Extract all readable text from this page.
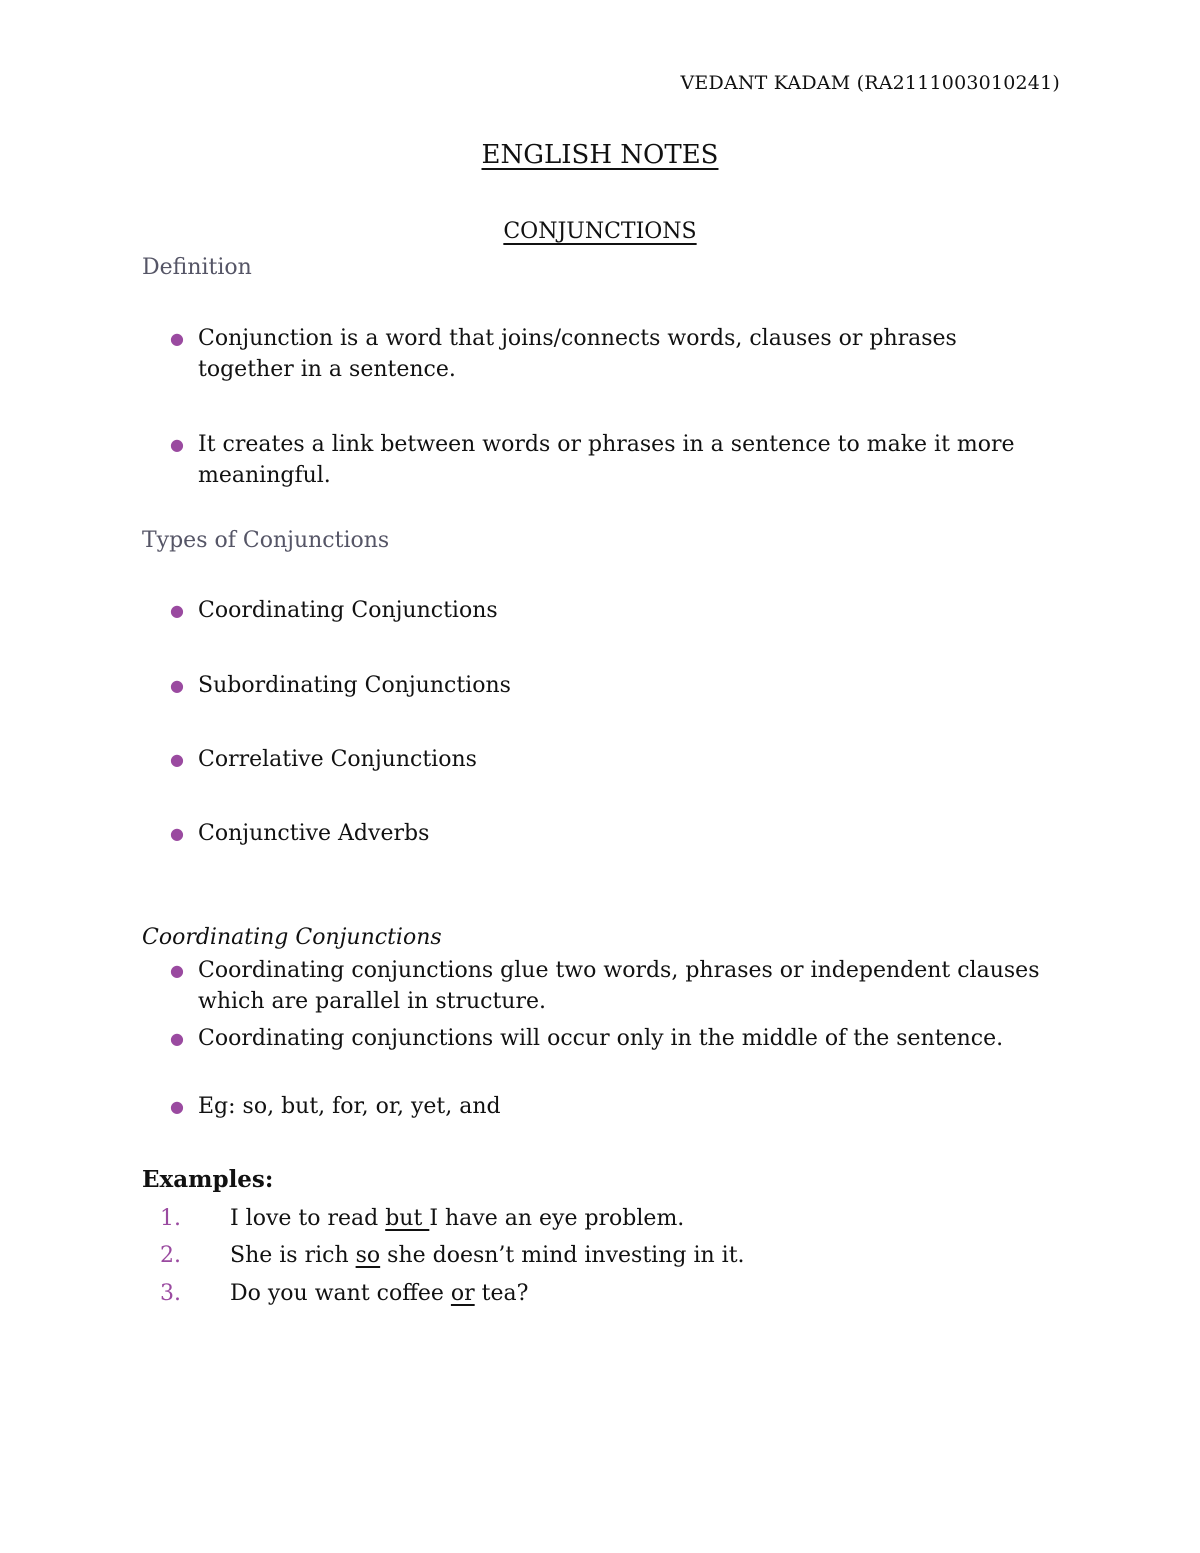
VEDANT KADAM (RA2111003010241)
ENGLISH NOTES
CONJUNCTIONS
Definition
● Conjunction is a word that joins/connects words, clauses or phrases together in a sentence.
● It creates a link between words or phrases in a sentence to make it more meaningful.
Types of Conjunctions
● Coordinating Conjunctions
● Subordinating Conjunctions
● Correlative Conjunctions
● Conjunctive Adverbs
Coordinating Conjunctions
● Coordinating conjunctions glue two words, phrases or independent clauses which are parallel in structure.
● Coordinating conjunctions will occur only in the middle of the sentence.
● Eg: so, but, for, or, yet, and
Examples:
1. I love to read but I have an eye problem.
2. She is rich so she doesn’t mind investing in it.
3. Do you want coffee or tea?
